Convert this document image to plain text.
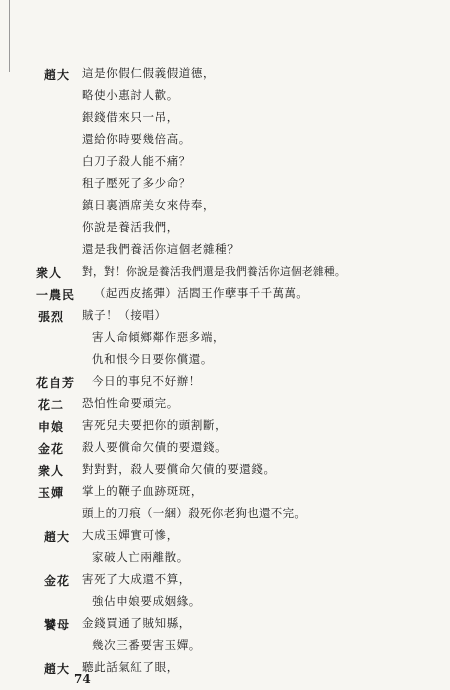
趙大 這是你假仁假義假道德，
略使小惠討人歡。
銀錢借來只一吊，
還給你時要幾倍高。
白刀子殺人能不痛？
租子壓死了多少命？
鎮日裏酒席美女來侍奉，
你說是養活我們，
還是我們養活你這個老雜種？
衆人 對，對！你說是養活我們還是我們養活你這個老雜種。
一農民 （起西皮搖彈）活閻王作孽事千千萬萬。
張烈 賊子！（接唱）
害人命傾鄉鄰作惡多端，
仇和恨今日要你償還。
花自芳 今日的事兒不好辦！
花二 恐怕性命要頑完。
申娘 害死兒夫要把你的頭割斷，
金花 殺人要償命欠債的要還錢。
衆人 對對對，殺人要償命欠債的要還錢。
玉嬋 掌上的鞭子血跡斑斑，
頭上的刀痕（一綑）殺死你老狗也還不完。
趙大 大成玉嬋實可慘，
家破人亡兩離散。
金花 害死了大成還不算，
強佔申娘要成姻緣。
饕母 金錢買通了賊知縣，
幾次三番要害玉嬋。
趙大 聽此話氣紅了眼，
74
